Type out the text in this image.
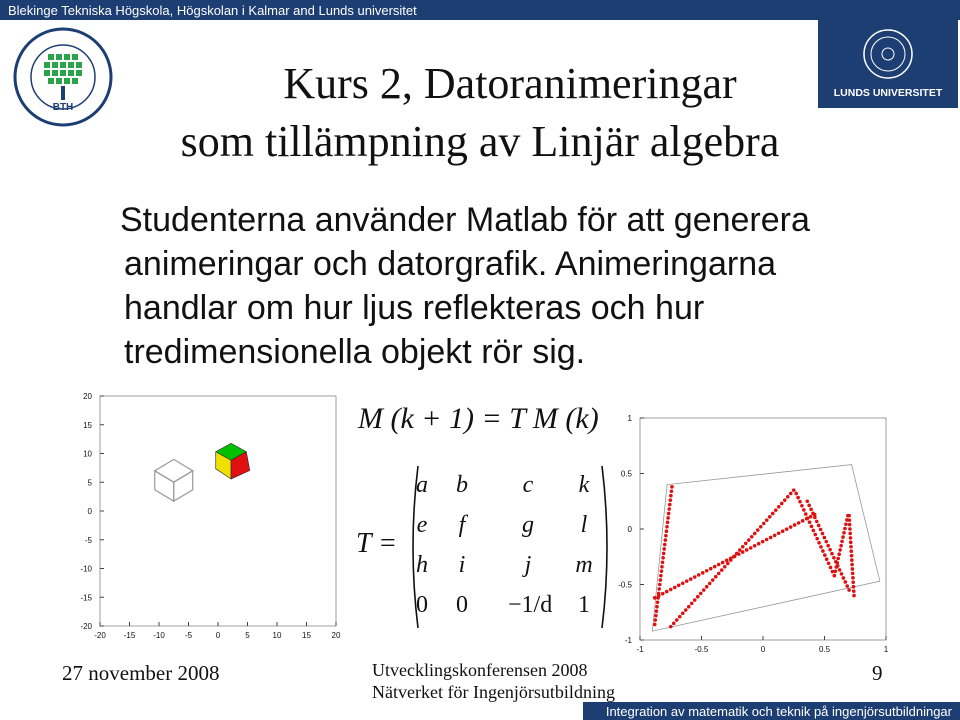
Blekinge Tekniska Högskola, Högskolan i Kalmar and Lunds universitet
BTH
LUNDS UNIVERSITET
Kurs 2, Datoranimeringar
som tillämpning av Linjär algebra
Studenterna använder Matlab för att generera
animeringar och datorgrafik. Animeringarna
handlar om hur ljus reflekteras och hur
tredimensionella objekt rör sig.
-20 -15 -10	-5	0	5	10	15	20
20
15
10
5
0
-5
-10
-15
-20
M (k + 1) = T M (k)
T =
a	b	c	k
e	f	g	l
h	i	j	m
0	0	−1/d	1
-1	-0.5	0	0.5	1
1
0.5
0
-0.5
-1
27 november 2008	Utvecklingskonferensen 2008
Nätverket för Ingenjörsutbildning
9
Integration av matematik och teknik på ingenjörsutbildningar
